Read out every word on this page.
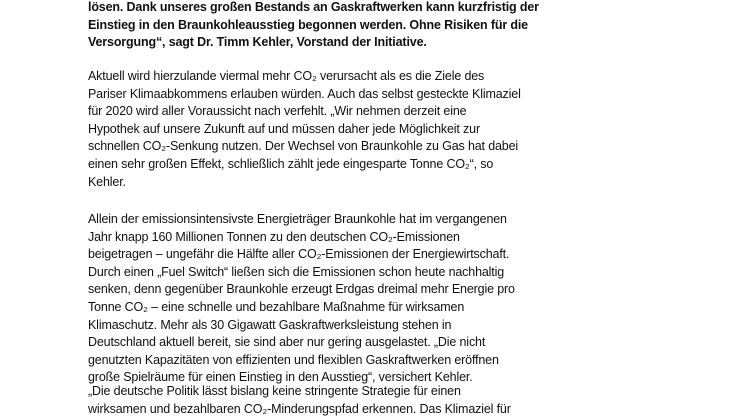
lösen. Dank unseres großen Bestands an Gaskraftwerken kann kurzfristig der
Einstieg in den Braunkohleausstieg begonnen werden. Ohne Risiken für die
Versorgung“, sagt Dr. Timm Kehler, Vorstand der Initiative.

Aktuell wird hierzulande viermal mehr CO₂ verursacht als es die Ziele des
Pariser Klimaabkommens erlauben würden. Auch das selbst gesteckte Klimaziel
für 2020 wird aller Voraussicht nach verfehlt. „Wir nehmen derzeit eine
Hypothek auf unsere Zukunft auf und müssen daher jede Möglichkeit zur
schnellen CO₂-Senkung nutzen. Der Wechsel von Braunkohle zu Gas hat dabei
einen sehr großen Effekt, schließlich zählt jede eingesparte Tonne CO₂“, so
Kehler.

Allein der emissionsintensivste Energieträger Braunkohle hat im vergangenen
Jahr knapp 160 Millionen Tonnen zu den deutschen CO₂-Emissionen
beigetragen – ungefähr die Hälfte aller CO₂-Emissionen der Energiewirtschaft.
Durch einen „Fuel Switch“ ließen sich die Emissionen schon heute nachhaltig
senken, denn gegenüber Braunkohle erzeugt Erdgas dreimal mehr Energie pro
Tonne CO₂ – eine schnelle und bezahlbare Maßnahme für wirksamen
Klimaschutz. Mehr als 30 Gigawatt Gaskraftwerksleistung stehen in
Deutschland aktuell bereit, sie sind aber nur gering ausgelastet. „Die nicht
genutzten Kapazitäten von effizienten und flexiblen Gaskraftwerken eröffnen
große Spielräume für einen Einstieg in den Ausstieg“, versichert Kehler.

„Die deutsche Politik lässt bislang keine stringente Strategie für einen
wirksamen und bezahlbaren CO₂-Minderungspfad erkennen. Das Klimaziel für
